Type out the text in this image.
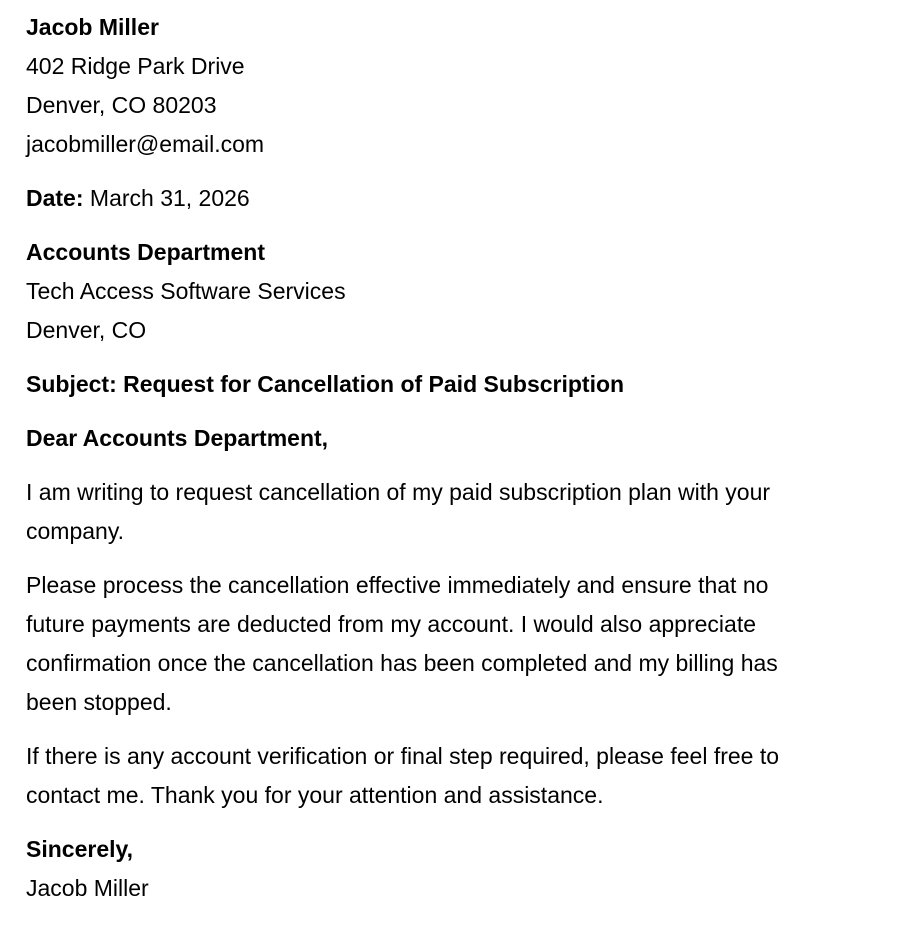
Jacob Miller
402 Ridge Park Drive
Denver, CO 80203
jacobmiller@email.com
Date: March 31, 2026
Accounts Department
Tech Access Software Services
Denver, CO
Subject: Request for Cancellation of Paid Subscription
Dear Accounts Department,
I am writing to request cancellation of my paid subscription plan with your
company.
Please process the cancellation effective immediately and ensure that no
future payments are deducted from my account. I would also appreciate
confirmation once the cancellation has been completed and my billing has
been stopped.
If there is any account verification or final step required, please feel free to
contact me. Thank you for your attention and assistance.
Sincerely,
Jacob Miller
